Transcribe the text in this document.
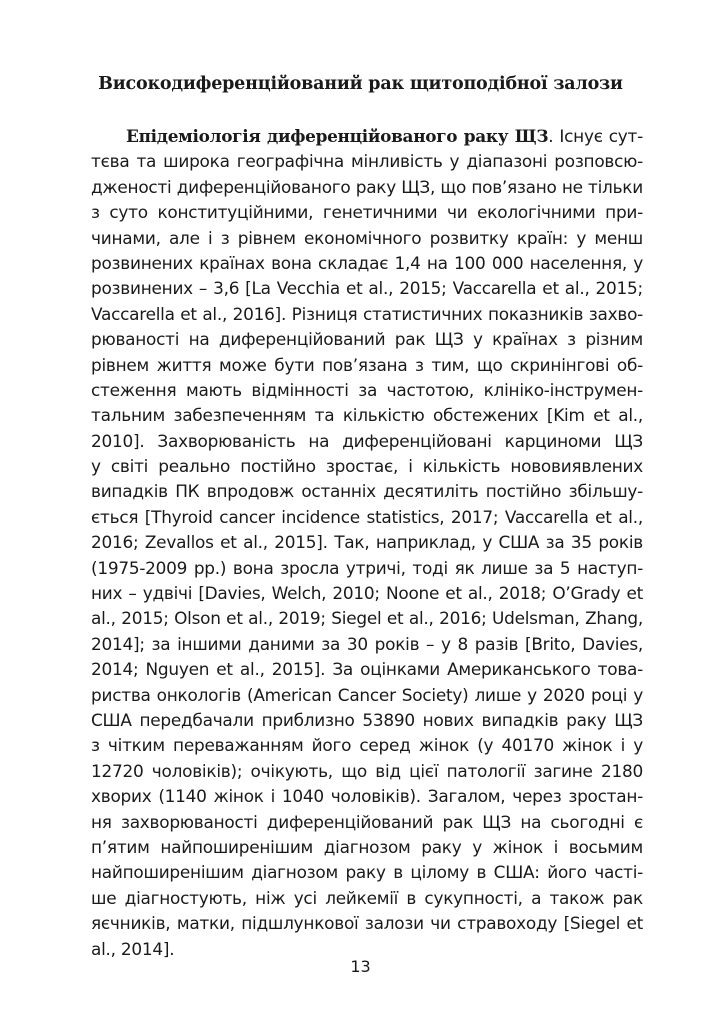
Високодиференційований рак щитоподібної залози
Епідеміологія диференційованого раку ЩЗ. Існує сут-
тєва та широка географічна мінливість у діапазоні розповсю-
дженості диференційованого раку ЩЗ, що пов’язано не тільки
з суто конституційними, генетичними чи екологічними при-
чинами, але і з рівнем економічного розвитку країн: у менш
розвинених країнах вона складає 1,4 на 100 000 населення, у
розвинених – 3,6 [La Vecchia et al., 2015; Vaccarella et al., 2015;
Vaccarella et al., 2016]. Різниця статистичних показників захво-
рюваності на диференційований рак ЩЗ у країнах з різним
рівнем життя може бути пов’язана з тим, що скринінгові об-
стеження мають відмінності за частотою, клініко-інструмен-
тальним забезпеченням та кількістю обстежених [Kim et al.,
2010]. Захворюваність на диференційовані карциноми ЩЗ
у світі реально постійно зростає, і кількість нововиявлених
випадків ПК впродовж останніх десятиліть постійно збільшу-
ється [Thyroid cancer incidence statistics, 2017; Vaccarella et al.,
2016; Zevallos et al., 2015]. Так, наприклад, у США за 35 років
(1975-2009 рр.) вона зросла утричі, тоді як лише за 5 наступ-
них – удвічі [Davies, Welch, 2010; Noone et al., 2018; O’Grady et
al., 2015; Olson et al., 2019; Siegel et al., 2016; Udelsman, Zhang,
2014]; за іншими даними за 30 років – у 8 разів [Brito, Davies,
2014; Nguyen et al., 2015]. За оцінками Американського това-
риства онкологів (American Cancer Society) лише у 2020 році у
США передбачали приблизно 53890 нових випадків раку ЩЗ
з чітким переважанням його серед жінок (у 40170 жінок і у
12720 чоловіків); очікують, що від цієї патології загине 2180
хворих (1140 жінок і 1040 чоловіків). Загалом, через зростан-
ня захворюваності диференційований рак ЩЗ на сьогодні є
п’ятим найпоширенішим діагнозом раку у жінок і восьмим
найпоширенішим діагнозом раку в цілому в США: його часті-
ше діагностують, ніж усі лейкемії в сукупності, а також рак
яєчників, матки, підшлункової залози чи стравоходу [Siegel et
al., 2014].
13
